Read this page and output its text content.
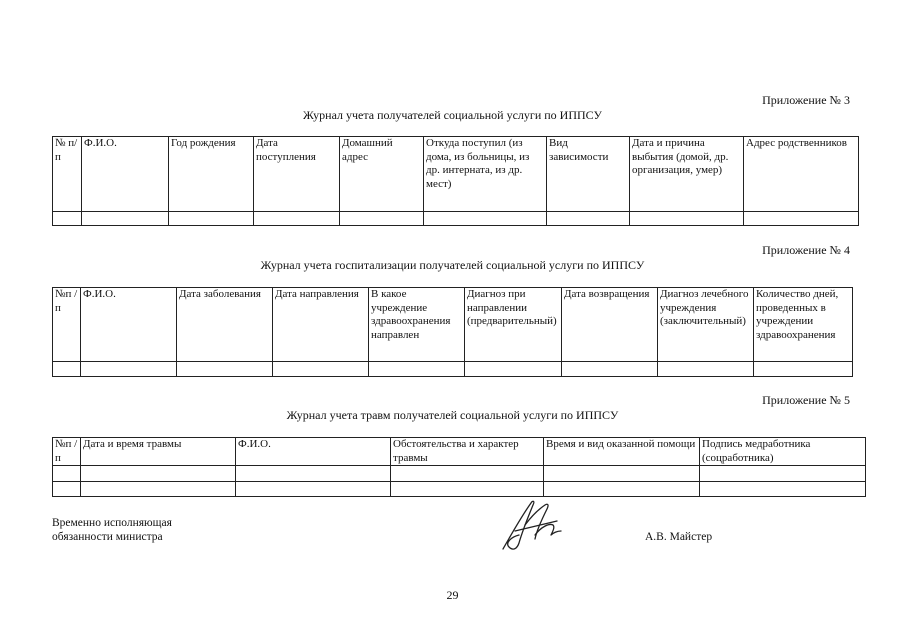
Приложение № 3
Журнал учета получателей социальной услуги по ИППСУ
№ п/п	Ф.И.О.	Год рождения	Дата поступления	Домашний адрес	Откуда поступил (из дома, из больницы, из др. интерната, из др. мест)	Вид зависимости	Дата и причина выбытия (домой, др. организация, умер)	Адрес родственников

Приложение № 4
Журнал учета госпитализации получателей социальной услуги по ИППСУ
№п /п	Ф.И.О.	Дата заболевания	Дата направления	В какое учреждение здравоохранения направлен	Диагноз при направлении (предварительный)	Дата возвращения	Диагноз лечебного учреждения (заключительный)	Количество дней, проведенных в учреждении здравоохранения

Приложение № 5
Журнал учета травм получателей социальной услуги по ИППСУ
№п /п	Дата и время травмы	Ф.И.О.	Обстоятельства и характер травмы	Время и вид оказанной помощи	Подпись медработника (соцработника)

Временно исполняющая
обязанности министра	А.В. Майстер
29
